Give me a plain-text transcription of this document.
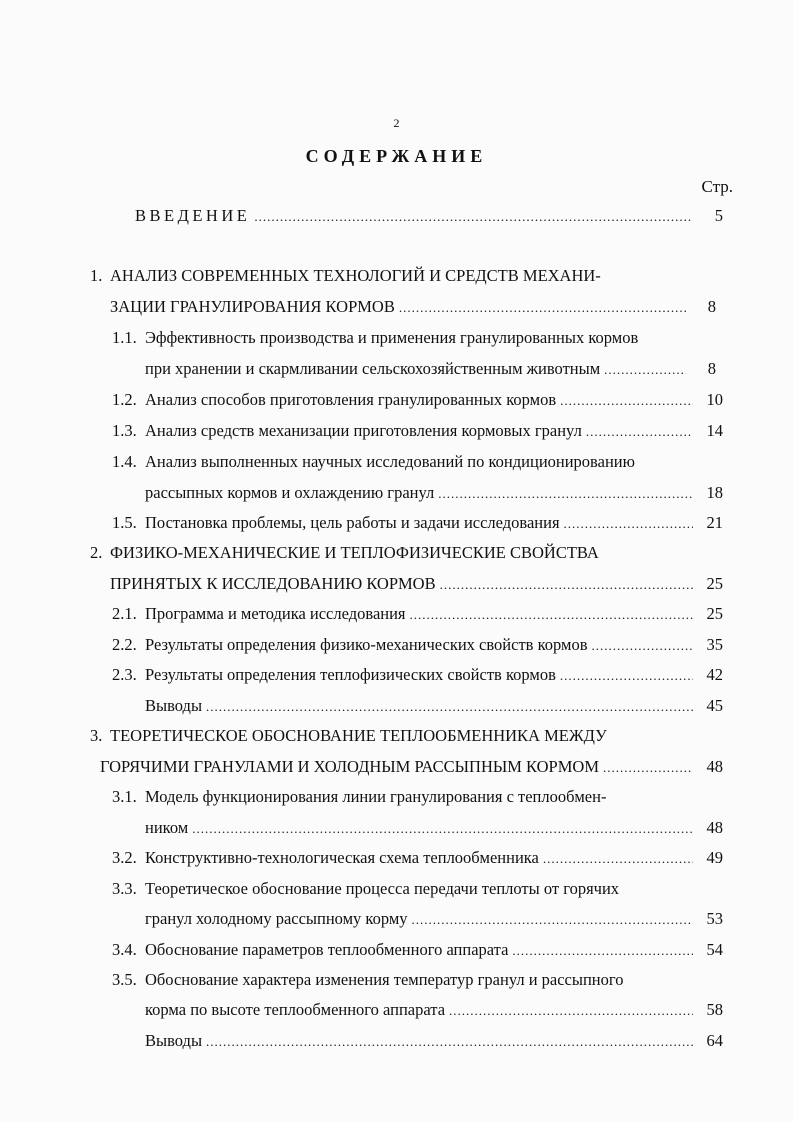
2
СОДЕРЖАНИЕ
Стр.
ВВЕДЕНИЕ .....	5
1. АНАЛИЗ СОВРЕМЕННЫХ ТЕХНОЛОГИЙ И СРЕДСТВ МЕХАНИ-
ЗАЦИИ ГРАНУЛИРОВАНИЯ КОРМОВ .....	8
1.1. Эффективность производства и применения гранулированных кормов
при хранении и скармливании сельскохозяйственным животным .....	8
1.2. Анализ способов приготовления гранулированных кормов .....	10
1.3. Анализ средств механизации приготовления кормовых гранул .....	14
1.4. Анализ выполненных научных исследований по кондиционированию
рассыпных кормов и охлаждению гранул .....	18
1.5. Постановка проблемы, цель работы и задачи исследования .....	21
2. ФИЗИКО-МЕХАНИЧЕСКИЕ И ТЕПЛОФИЗИЧЕСКИЕ СВОЙСТВА
ПРИНЯТЫХ К ИССЛЕДОВАНИЮ КОРМОВ .....	25
2.1. Программа и методика исследования .....	25
2.2. Результаты определения физико-механических свойств кормов .....	35
2.3. Результаты определения теплофизических свойств кормов .....	42
Выводы .....	45
3. ТЕОРЕТИЧЕСКОЕ ОБОСНОВАНИЕ ТЕПЛООБМЕННИКА МЕЖДУ
ГОРЯЧИМИ ГРАНУЛАМИ И ХОЛОДНЫМ РАССЫПНЫМ КОРМОМ .....	48
3.1. Модель функционирования линии гранулирования с теплообмен-
ником .....	48
3.2. Конструктивно-технологическая схема теплообменника .....	49
3.3. Теоретическое обоснование процесса передачи теплоты от горячих
гранул холодному рассыпному корму .....	53
3.4. Обоснование параметров теплообменного аппарата .....	54
3.5. Обоснование характера изменения температур гранул и рассыпного
корма по высоте теплообменного аппарата .....	58
Выводы .....	64
